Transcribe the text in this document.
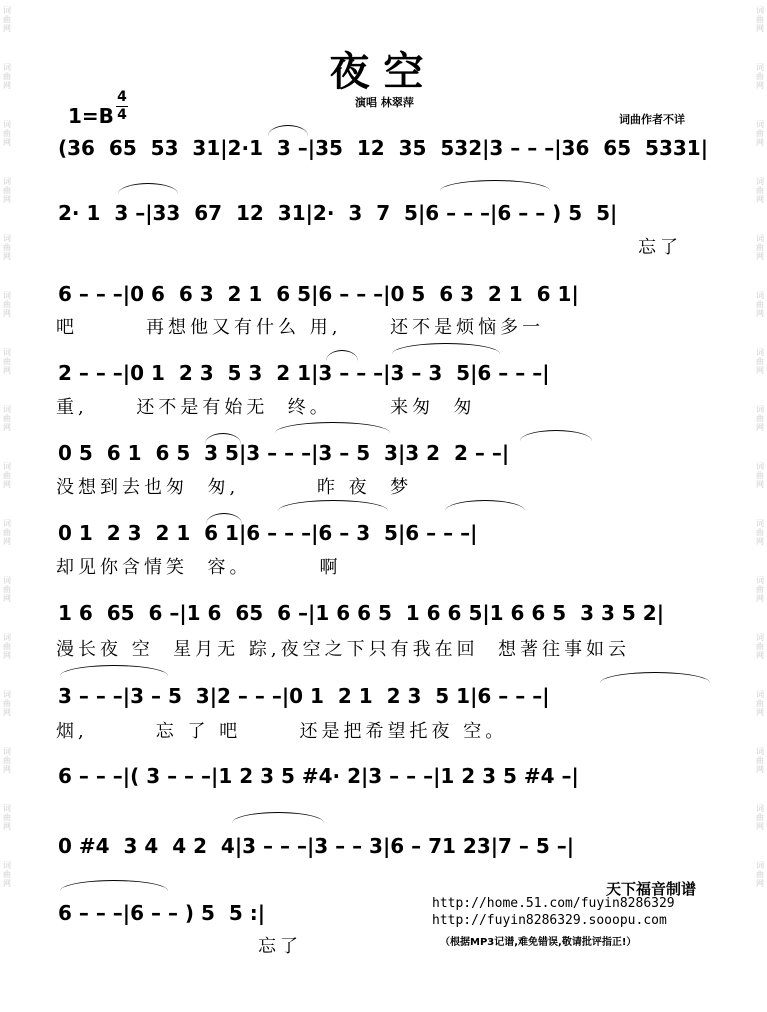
词曲网
词曲网
词曲网
词曲网
词曲网
词曲网
词曲网
词曲网
词曲网
词曲网
词曲网
词曲网
词曲网
词曲网
词曲网
词曲网
词曲网
词曲网
词曲网
词曲网
词曲网
词曲网
词曲网
词曲网
词曲网
词曲网
词曲网
词曲网
词曲网
词曲网
词曲网
词曲网
夜空
1=B
4
4
演唱 林翠萍
词曲作者不详
(36  65  53  31|2·1  3 –|35  12  35  532|3 – – –|36  65  5331|
2· 1  3 –|33  67  12  31|2·  3  7  5|6 – – –|6 – – ) 5  5|
忘了
6 – – –|0 6  6 3  2 1  6 5|6 – – –|0 5  6 3  2 1  6 1|
吧       再想他又有什么 用,     还不是烦恼多一
2 – – –|0 1  2 3  5 3  2 1|3 – – –|3 – 3  5|6 – – –|
重,     还不是有始无  终。      来匆  匆
0 5  6 1  6 5  3 5|3 – – –|3 – 5  3|3 2  2 – –|
没想到去也匆  匆,        昨 夜  梦
0 1  2 3  2 1  6 1|6 – – –|6 – 3  5|6 – – –|
却见你含情笑  容。       啊
1 6  65  6 –|1 6  65  6 –|1 6 6 5  1 6 6 5|1 6 6 5  3 3 5 2|
漫长夜 空  星月无 踪,夜空之下只有我在回  想著往事如云
3 – – –|3 – 5  3|2 – – –|0 1  2 1  2 3  5 1|6 – – –|
烟,       忘 了 吧      还是把希望托夜 空。
6 – – –|( 3 – – –|1 2 3 5 #4· 2|3 – – –|1 2 3 5 #4 –|
0 #4  3 4  4 2  4|3 – – –|3 – – 3|6 – 71 23|7 – 5 –|
6 – – –|6 – – ) 5  5 :|
忘了
天下福音制谱
http://home.51.com/fuyin8286329
http://fuyin8286329.sooopu.com
（根据MP3记谱,难免错误,敬请批评指正!）
